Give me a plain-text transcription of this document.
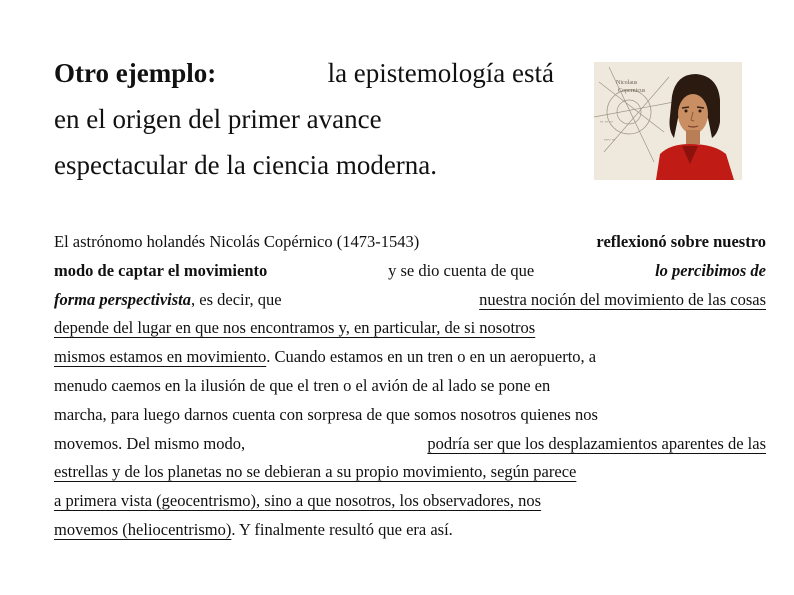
Otro ejemplo:	la epistemología está
en el origen del primer avance
espectacular de la ciencia moderna.
Nicolaus
Copernicus
~ ~ ~
~~ ~
El astrónomo holandés Nicolás Copérnico (1473-1543)	reflexionó sobre nuestro
modo de captar el movimiento	y se dio cuenta de que	lo percibimos de
forma perspectivista, es decir, que	nuestra noción del movimiento de las cosas
depende del lugar en que nos encontramos y, en particular, de si nosotros
mismos estamos en movimiento. Cuando estamos en un tren o en un aeropuerto, a
menudo caemos en la ilusión de que el tren o el avión de al lado se pone en
marcha, para luego darnos cuenta con sorpresa de que somos nosotros quienes nos
movemos. Del mismo modo,	podría ser que los desplazamientos aparentes de las
estrellas y de los planetas no se debieran a su propio movimiento, según parece
a primera vista (geocentrismo), sino a que nosotros, los observadores, nos
movemos (heliocentrismo) . Y finalmente resultó que era así.
